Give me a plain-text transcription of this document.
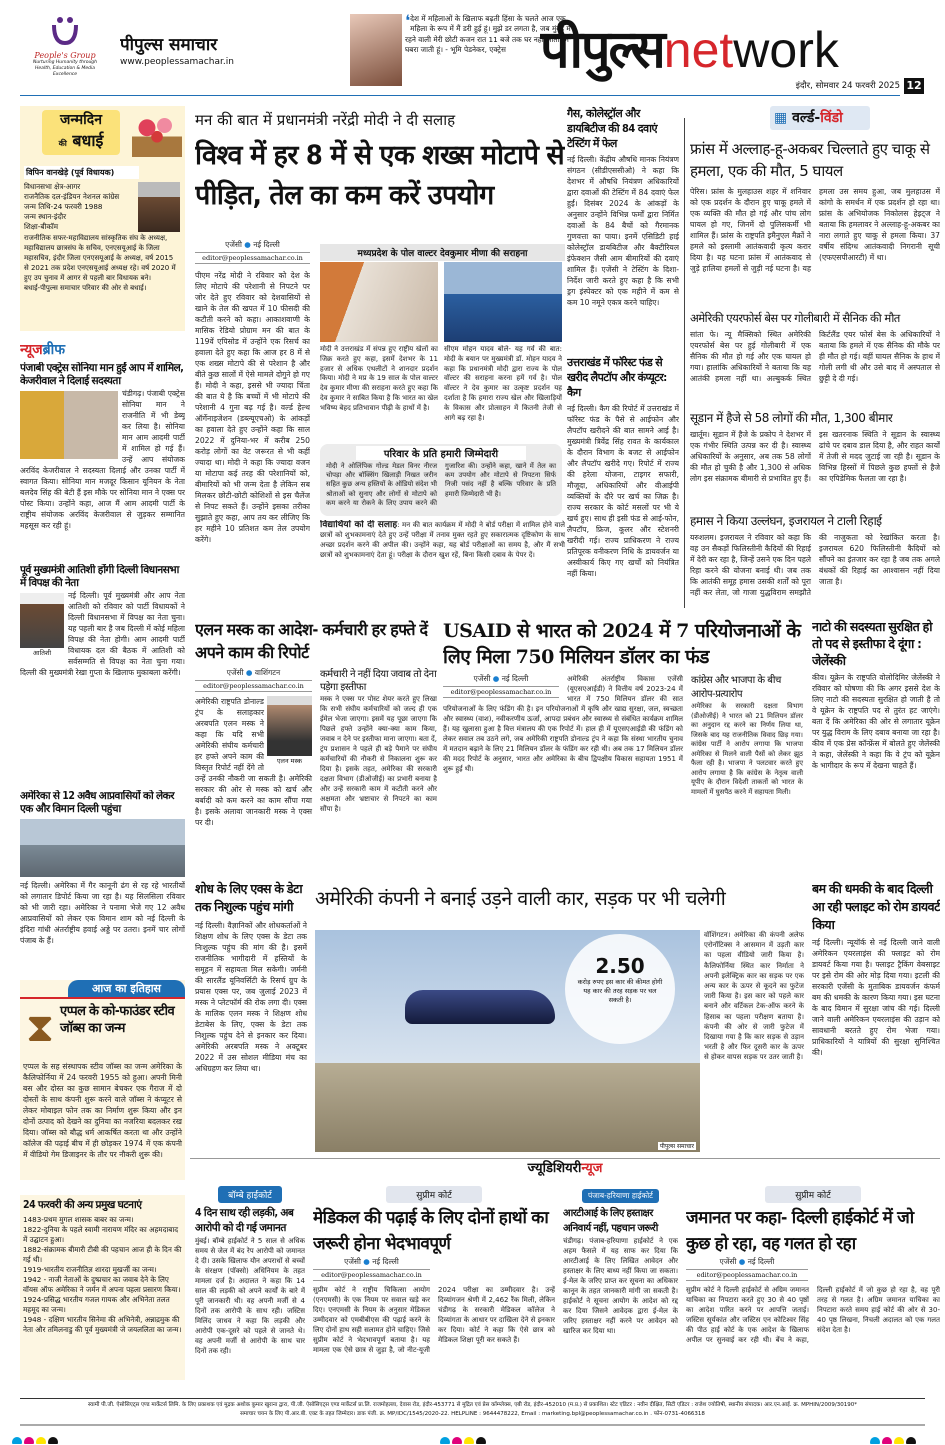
People's Group
Nurturing Humanity through Health, Education & Media Excellence
पीपुल्स समाचार
www.peoplessamachar.in
❛ देश में महिलाओं के खिलाफ बढ़ती हिंसा के चलते आज एक महिला के रूप में मैं डरी हुई हूं। मुझे डर लगता है, जब मुंबई में रहने वाली मेरी छोटी कजन रात 11 बजे तक घर नहीं आती। मैं घबरा जाती हूं। - भूमि पेडनेकर, एक्ट्रेस पीपुल्सnetwork
इंदौर, सोमवार 24 फरवरी 2025 12
जन्मदिन
की बधाई
विपिन वानखेड़े (पूर्व विधायक)
विधानसभा क्षेत्र-आगर
राजनैतिक दल-इंडियन नेशनल कांग्रेस
जन्म तिथि-24 फरवरी 1988
जन्म स्थान-इंदौर
शिक्षा-बीकॉम
राजनीतिक सफर-महाविद्यालय सांस्कृतिक संघ के अध्यक्ष, महाविद्यालय छात्रसंघ के सचिव, एनएसयूआई के जिला महासचिव, इंदौर जिला एनएसयूआई के अध्यक्ष, वर्ष 2015 से 2021 तक प्रदेश एनएसयूआई अध्यक्ष रहे। वर्ष 2020 में हुए उप चुनाव में आगर से पहली बार विधायक बने।
बधाई-पीपुल्स समाचार परिवार की ओर से बधाई।
न्यूजब्रीफ
पंजाबी एक्ट्रेस सोनिया मान हुईं आप में शामिल, केजरीवाल ने दिलाई सदस्यता
चंडीगढ़। पंजाबी एक्ट्रेस सोनिया मान ने राजनीति में भी डेब्यू कर लिया है। सोनिया मान आम आदमी पार्टी में शामिल हो गई हैं। उन्हें आप संयोजक अरविंद केजरीवाल ने सदस्यता दिलाई और उनका पार्टी में स्वागत किया। सोनिया मान मजदूर किसान यूनियन के नेता बलदेव सिंह की बेटी हैं इस मौके पर सोनिया मान ने एक्स पर पोस्ट किया। उन्होंने कहा, आज मैं आम आदमी पार्टी के राष्ट्रीय संयोजक अरविंद केजरीवाल से जुड़कर सम्मानित महसूस कर रही हूं।
पूर्व मुख्यमंत्री आतिशी होंगी दिल्ली विधानसभा में विपक्ष की नेता
आतिशी
नई दिल्ली। पूर्व मुख्यमंत्री और आप नेता आतिशी को रविवार को पार्टी विधायकों ने दिल्ली विधानसभा में विपक्ष का नेता चुना। यह पहली बार है जब दिल्ली में कोई महिला विपक्ष की नेता होगी। आम आदमी पार्टी विधायक दल की बैठक में आतिशी को सर्वसम्मति से विपक्ष का नेता चुना गया। दिल्ली की मुख्यमंत्री रेखा गुप्ता के खिलाफ मुकाबला करेंगी।
अमेरिका से 12 अवैध आप्रवासियों को लेकर एक और विमान दिल्ली पहुंचा
नई दिल्ली। अमेरिका में गैर कानूनी ढंग से रह रहे भारतीयों को लगातार डिपोर्ट किया जा रहा है। यह सिलसिला रविवार को भी जारी रहा। अमेरिका ने पनामा भेजे गए 12 अवैध आप्रवासियों को लेकर एक विमान शाम को नई दिल्ली के इंदिरा गांधी अंतर्राष्ट्रीय हवाई अड्डे पर उतरा। इनमें चार लोगों पंजाब के हैं।
आज का इतिहास
⧗ एप्पल के को-फाउंडर स्टीव जॉब्स का जन्म
एप्पल के सह संस्थापक स्टीव जॉब्स का जन्म अमेरिका के कैलिफोर्निया में 24 फरवरी 1955 को हुआ। अपनी मिनी बस और दोस्त का कुछ सामान बेचकर एक गैराज में दो दोस्तों के साथ कंपनी शुरू करने वाले जॉब्स ने कंप्यूटर से लेकर मोबाइल फोन तक का निर्माण शुरू किया और इन दोनों उत्पाद को देखने का दुनिया का नजरिया बदलकर रख दिया। जॉब्स को बौद्ध धर्म आकर्षित करता था और उन्होंने कॉलेज की पढ़ाई बीच में ही छोड़कर 1974 में एक कंपनी में वीडियो गेम डिजाइनर के तौर पर नौकरी शुरू की।
24 फरवरी की अन्य प्रमुख घटनाएं
1483-प्रथम मुगल शासक बाबर का जन्म।
1822-दुनिया के पहले स्वामी नारायण मंदिर का अहमदाबाद में उद्घाटन हुआ।
1882-संक्रामक बीमारी टीबी की पहचान आज ही के दिन की गई थी।
1919-भारतीय राजनीतिज्ञ शारदा मुखर्जी का जन्म।
1942 - नाजी नेताओं के दुष्प्रचार का जवाब देने के लिए वॉयस ऑफ अमेरिका ने जर्मन में अपना पहला प्रसारण किया।
1924-प्रसिद्ध भारतीय गजल गायक और अभिनेता तलत महमूद का जन्म।
1948 - दक्षिण भारतीय सिनेमा की अभिनेत्री, अन्नाद्रमुक की नेता और तमिलनाडु की पूर्व मुख्यमंत्री जे जयललिता का जन्म।
मन की बात में प्रधानमंत्री नरेंद्री मोदी ने दी सलाह
विश्व में हर 8 में से एक शख्स मोटापे से पीड़ित, तेल का कम करें उपयोग
एजेंसी ● नई दिल्ली
editor@peoplessamachar.co.in
पीएम नरेंद्र मोदी ने रविवार को देश के लिए मोटापे की परेशानी से निपटने पर जोर देते हुए रविवार को देशवासियों से खाने के तेल की खपत में 10 फीसदी की कटौती करने को कहा। आकाशवाणी के मासिक रेडियो प्रोग्राम मन की बात के 119वें एपिसोड में उन्होंने एक रिसर्च का हवाला देते हुए कहा कि आज हर 8 में से एक शख्स मोटापे की से परेशान है और बीते कुछ सालों में ऐसे मामले दोगुने हो गए हैं। मोदी ने कहा, इससे भी ज्यादा चिंता की बात ये है कि बच्चों में भी मोटापे की परेशानी 4 गुना बढ़ गई है। वर्ल्ड हेल्थ ऑर्गेनाइजेशन (डब्ल्यूएचओ) के आंकड़ों का हवाला देते हुए उन्होंने कहा कि साल 2022 में दुनिया-भर में करीब 250 करोड़ लोगों का वेट जरूरत से भी कहीं ज्यादा था। मोदी ने कहा कि ज्यादा वजन या मोटापा कई तरह की परेशानियों को, बीमारियों को भी जन्म देता है लेकिन सब मिलकर छोटी-छोटी कोशिशों से इस चैलेंज से निपट सकते हैं। उन्होंने इसका तरीका सुझाते हुए कहा, आप तय कर लीजिए कि हर महीने 10 प्रतिशत कम तेल उपयोग करेंगे।
मध्यप्रदेश के पोल वाल्टर देवकुमार मीणा की सराहना
मोदी ने उत्तराखंड में संपन्न हुए राष्ट्रीय खेलों का जिक्र करते हुए कहा, इसमें देशभर के 11 हजार से अधिक एथलीटों ने शानदार प्रदर्शन किया। मोदी ने मप्र के 19 साल के पोल वाल्टर देव कुमार मीणा की सराहना करते हुए कहा कि देव कुमार ने साबित किया है कि भारत का खेल भविष्य बेहद प्रतिभावान पीढ़ी के हाथों में है।
सीएम मोहन यादव बोले- यह गर्व की बात: मोदी के बयान पर मुख्यमंत्री डॉ. मोहन यादव ने कहा कि प्रधानमंत्री मोदी द्वारा राज्य के पोल वॉल्टर की सराहना करना हमें गर्व है। पोल वॉल्टर ने देव कुमार का उत्कृष्ट प्रदर्शन यह दर्शाता है कि हमारा राज्य खेल और खिलाड़ियों के विकास और प्रोत्साहन में कितनी तेजी से आगे बढ़ रहा है।
परिवार के प्रति हमारी जिम्मेदारी
मोदी ने ओलिंपिक गोल्ड मेडल विनर नीरज चोपड़ा और बॉक्सिंग खिलाड़ी निखत जरीन सहित कुछ अन्य हस्तियों के ऑडियो संदेश भी श्रोताओं को सुनाए और लोगों से मोटापे को कम करने या रोकने के लिए उपाय करने की गुजारिश की। उन्होंने कहा, खाने में तेल का कम उपयोग और मोटापे से निपटना सिर्फ निजी पसंद नहीं है बल्कि परिवार के प्रति हमारी जिम्मेदारी भी है।
विद्यार्थियों को दी सलाह: मन की बात कार्यक्रम में मोदी ने बोर्ड परीक्षा में शामिल होने वाले छात्रों को शुभकामनाएं देते हुए उन्हें परीक्षा में तनाव मुक्त रहते हुए सकारात्मक दृष्टिकोण के साथ अच्छा प्रदर्शन करने की अपील की। उन्होंने कहा, यह बोर्ड परीक्षाओं का समय है, और मैं सभी छात्रों को शुभकामनाएं देता हूं। परीक्षा के दौरान खुश रहें, बिना किसी दबाव के पेपर दें।
गैस, कोलेस्ट्रॉल और डायबिटीज की 84 दवाएं टेस्टिंग में फेल
नई दिल्ली। केंद्रीय औषधि मानक नियंत्रण संगठन (सीडीएससीओ) ने कहा कि देशभर में औषधि नियंत्रण अधिकारियों द्वारा दवाओं की टेस्टिंग में 84 दवाएं फेल हुईं। दिसंबर 2024 के आंकड़ों के अनुसार उन्होंने विभिन्न फर्मों द्वारा निर्मित दवाओं के 84 बैचों को गैरमानक गुणवत्ता का पाया। इनमें एसिडिटी हाई कोलेस्ट्रॉल डायबिटीज और बैक्टीरियल इंफेक्शन जैसी आम बीमारियों की दवाएं शामिल हैं। एजेंसी ने टेस्टिंग के दिशा-निर्देश जारी करते हुए कहा है कि सभी ड्रग इंस्पेक्टर को एक महीने में कम से कम 10 नमूने एकत्र करने चाहिए।
उत्तराखंड में फॉरेस्ट फंड से खरीद लैपटॉप और कंप्यूटर: कैग
नई दिल्ली। कैग की रिपोर्ट में उत्तराखंड में फॉरेस्ट फंड के पैसे से आईफोन और लैपटॉप खरीदने की बात सामने आई है। मुख्यमंत्री त्रिवेंद्र सिंह रावत के कार्यकाल के दौरान विभाग के बजट से आईफोन और लैपटॉप खरीदे गए। रिपोर्ट में राज्य की हरेला योजना, टाइगर सफारी, मौजूदा, अधिकारियों और वीआईपी व्यक्तियों के दौरे पर खर्च का जिक्र है। राज्य सरकार के कोर्ट मसलों पर भी ये खर्च हुए। साथ ही इसी फंड से आई-फोन, लैपटॉप, फ्रिज, कूलर और स्टेशनरी खरीदी गई। राज्य प्राधिकरण ने राज्य प्रतिपूरक वनीकरण निधि के डायवर्जन या अस्वीकार्य किए गए खर्चों को नियंत्रित नहीं किया।
▦ वर्ल्ड-विंडो
फ्रांस में अल्लाह-हू-अकबर चिल्लाते हुए चाकू से हमला, एक की मौत, 5 घायल
पेरिस। फ्रांस के मुलहाउस शहर में शनिवार को एक प्रदर्शन के दौरान हुए चाकू हमले में एक व्यक्ति की मौत हो गई और पांच लोग घायल हो गए, जिनमें दो पुलिसकर्मी भी शामिल हैं। फ्रांस के राष्ट्रपति इमैनुएल मैक्रों ने हमले को इस्लामी आतंकवादी कृत्य करार दिया है। यह घटना फ्रांस में आतंकवाद से जुड़े हालिया हमलों से जुड़ी नई घटना है। यह हमला उस समय हुआ, जब मुलहाउस में कांगो के समर्थन में एक प्रदर्शन हो रहा था। फ्रांस के अभियोजक निकोलस हेइट्ज ने बताया कि हमलावर ने अल्लाह-हू-अकबर का नारा लगाते हुए चाकू से हमला किया। 37 वर्षीय संदिग्ध आतंकवादी निगरानी सूची (एफएसपीआरटी) में था।
अमेरिकी एयरफोर्स बेस पर गोलीबारी में सैनिक की मौत
सांता फे। न्यू मैक्सिको स्थित अमेरिकी एयरफोर्स बेस पर हुई गोलीबारी में एक सैनिक की मौत हो गई और एक घायल हो गया। हालांकि अधिकारियों ने बताया कि यह आतंकी हमला नहीं था। अल्बुकर्क स्थित किर्टलैंड एयर फोर्स बेस के अधिकारियों ने बताया कि हमले में एक सैनिक की मौके पर ही मौत हो गई। वहीं घायल सैनिक के हाथ में गोली लगी थी और उसे बाद में अस्पताल से छुट्टी दे दी गई।
सूडान में हैजे से 58 लोगों की मौत, 1,300 बीमार
खार्तूम। सूडान में हैजे के प्रकोप ने देशभर में एक गंभीर स्थिति उत्पन्न कर दी है। स्वास्थ्य अधिकारियों के अनुसार, अब तक 58 लोगों की मौत हो चुकी है और 1,300 से अधिक लोग इस संक्रामक बीमारी से प्रभावित हुए हैं। इस खतरनाक स्थिति ने सूडान के स्वास्थ्य ढांचे पर दबाव डाल दिया है, और राहत कार्यों में तेजी से मदद जुटाई जा रही है। सूडान के विभिन्न हिस्सों में पिछले कुछ हफ्तों से हैजे का एपिडेमिक फैलता जा रहा है।
हमास ने किया उल्लंघन, इजरायल ने टाली रिहाई
यरुशलम। इजरायल ने रविवार को कहा कि वह उन सैकड़ों फिलिस्तीनी कैदियों की रिहाई में देरी कर रहा है, जिन्हें उसने एक दिन पहले रिहा करने की योजना बनाई थी। जब तक कि आतंकी समूह हमास उसकी शर्तों को पूरा नहीं कर लेता, जो गाजा युद्धविराम समझौते की नाजुकता को रेखांकित करता है। इजरायल 620 फिलिस्तीनी कैदियों को सौंपने का इंतजार कर रहा है जब तक अगले बंधकों की रिहाई का आश्वासन नहीं दिया जाता है।
एलन मस्क का आदेश- कर्मचारी हर हफ्ते दें अपने काम की रिपोर्ट
एजेंसी ● वाशिंगटन
editor@peoplessamachar.co.in
एलन मस्क
अमेरिकी राष्ट्रपति डोनाल्ड ट्रंप के सलाहकार अरबपति एलन मस्क ने कहा कि यदि सभी अमेरिकी संघीय कर्मचारी हर हफ्ते अपने काम की विस्तृत रिपोर्ट नहीं देंगे तो उन्हें उनकी नौकरी जा सकती है। अमेरिकी सरकार की ओर से मस्क को खर्च और बर्बादी को कम करने का काम सौंपा गया है। इसके अलावा जानकारी मस्क ने एक्स पर दी।
कर्मचारी ने नहीं दिया जवाब तो देना पड़ेगा इस्तीफा
मस्क ने एक्स पर पोस्ट शेयर करते हुए लिखा कि सभी संघीय कर्मचारियों को जल्द ही एक ईमेल भेजा जाएगा। इसमें यह पूछा जाएगा कि पिछले हफ्ते उन्होंने क्या-क्या काम किया, जवाब न देने पर इस्तीफा माना जाएगा। बता दें, ट्रंप प्रशासन ने पहले ही बड़े पैमाने पर संघीय कर्मचारियों की नौकरी से निकालना शुरू कर दिया है। इसके तहत, अमेरिका की सरकारी दक्षता विभाग (डीओजीई) का प्रभारी बनाया है और उन्हें सरकारी काम में कटौती करने और अक्षमता और भ्रष्टाचार से निपटने का काम सौंपा है।
USAID से भारत को 2024 में 7 परियोजनाओं के लिए मिला 750 मिलियन डॉलर का फंड
एजेंसी ● नई दिल्ली
editor@peoplessamachar.co.in
अमेरिकी अंतर्राष्ट्रीय विकास एजेंसी (यूएसएआईडी) ने वित्तीय वर्ष 2023-24 में भारत में 750 मिलियन डॉलर की सात परियोजनाओं के लिए फंडिंग की है। इन परियोजनाओं में कृषि और खाद्य सुरक्षा, जल, स्वच्छता और स्वास्थ्य (वाश), नवीकरणीय ऊर्जा, आपदा प्रबंधन और स्वास्थ्य से संबंधित कार्यक्रम शामिल हैं। यह खुलासा हुआ है वित्त मंत्रालय की एक रिपोर्ट में। हाल ही में यूएसएआईडी की फंडिंग को लेकर सवाल तब उठने लगे, जब अमेरिकी राष्ट्रपति डोनाल्ड ट्रंप ने कहा कि संस्था भारतीय चुनाव में मतदान बढ़ाने के लिए 21 मिलियन डॉलर के फंडिंग कर रही थी। अब तक 17 मिलियन डॉलर की मदद रिपोर्ट के अनुसार, भारत और अमेरिका के बीच द्विपक्षीय विकास सहायता 1951 में शुरू हुई थी।
कांग्रेस और भाजपा के बीच आरोप-प्रत्यारोप
अमेरिका के सरकारी दक्षता विभाग (डीओजीई) ने भारत को 21 मिलियन डॉलर का अनुदान रद्द करने का निर्णय लिया था, जिसके बाद यह राजनीतिक विवाद छिड़ गया। कांग्रेस पार्टी ने आरोप लगाया कि भाजपा अमेरिका से मिलने वाली पैसों को लेकर झूठ फैला रही है। भाजपा ने पलटवार करते हुए आरोप लगाया है कि कांग्रेस के नेतृत्व वाली यूपीए के दौरान विदेशी ताकतों को भारत के मामलों में घुसपैठ करने में सहायता मिली।
नाटो की सदस्यता सुरक्षित हो तो पद से इस्तीफा दे दूंगा : जेलेंस्की
कीव। यूक्रेन के राष्ट्रपति वोलोदिमिर जेलेंस्की ने रविवार को घोषणा की कि अगर इससे देश के लिए नाटो की सदस्यता सुरक्षित हो जाती है तो वे यूक्रेन के राष्ट्रपति पद से तुरंत हट जाएंगे। बता दें कि अमेरिका की ओर से लगातार यूक्रेन पर युद्ध विराम के लिए दबाव बनाया जा रहा है। कीव में एक प्रेस कॉन्फ्रेंस में बोलते हुए जेलेंस्की ने कहा, जेलेंस्की ने कहा कि वे ट्रंप को यूक्रेन के भागीदार के रूप में देखना चाहते हैं।
शोध के लिए एक्स के डेटा तक निशुल्क पहुंच मांगी
नई दिल्ली। वैज्ञानिकों और शोधकर्ताओं ने शिक्षण शोध के लिए एक्स के डेटा तक निःशुल्क पहुंच की मांग की है। इसमें राजनीतिक भागीदारी में हस्तियों के समूहन में सहायता मिल सकेगी। जर्मनी की सारलैंड यूनिवर्सिटी के रिसर्च ग्रुप के प्रयास एक्स पर, जब जुलाई 2023 में मस्क ने प्लेटफॉर्म की रोक लगा दी। एक्स के मालिक एलन मस्क ने शिक्षण शोध डेटाबेस के लिए, एक्स के डेटा तक निशुल्क पहुंच देने से इनकार कर दिया। अमेरिकी अरबपति मस्क ने अक्टूबर 2022 में उस सोशल मीडिया मंच का अधिग्रहण कर लिया था।
अमेरिकी कंपनी ने बनाई उड़ने वाली कार, सड़क पर भी चलेगी
2.50
करोड़ रुपए इस कार की कीमत होगी यह कार की तरह सड़क पर चल सकती है।
पीपुल्स समाचार
वॉशिंगटन। अमेरिका की कंपनी अलेफ एरोनॉटिक्स ने आसमान में उड़ती कार का पहला वीडियो जारी किया है। कैलिफोर्निया स्थित कार निर्माता ने अपनी इलेक्ट्रिक कार का सड़क पर एक अन्य कार के ऊपर से कूदने का फुटेज जारी किया है। इस कार को पहले कार बनाने और वर्टिकल टेक-ऑफ करने के हिसाब का पहला परीक्षण बताया है। कंपनी की ओर से जारी फुटेज में दिखाया गया है कि कार सड़क से उड़ान भरती है और फिर दूसरी कार के ऊपर से होकर वापस सड़क पर उतर जाती है।
बम की धमकी के बाद दिल्ली आ रही फ्लाइट को रोम डायवर्ट किया
नई दिल्ली। न्यूयॉर्क से नई दिल्ली जाने वाली अमेरिकन एयरलाइंस की फ्लाइट को रोम डायवर्ट किया गया है। फ्लाइट ट्रैकिंग वेबसाइट पर इसे रोम की ओर मोड़ दिया गया। इटली की सरकारी एजेंसी के मुताबिक डायवर्जन कंफर्म बम की धमकी के कारण किया गया। इस घटना के बाद विमान में सुरक्षा जांच की गई। दिल्ली जाने वाली अमेरिकन एयरलाइंस की उड़ान को सावधानी बरतते हुए रोम भेजा गया। प्राधिकारियों ने यात्रियों की सुरक्षा सुनिश्चित की।
ज्यूडिशियरीन्यूज
बॉम्बे हाईकोर्ट
4 दिन साथ रही लड़की, अब आरोपी को दी गई जमानत
मुंबई। बॉम्बे हाईकोर्ट ने 5 साल से अधिक समय से जेल में बंद रेप आरोपी को जमानत दे दी। उसके खिलाफ यौन अपराधों से बच्चों के संरक्षण (पॉक्सो) अधिनियम के तहत मामला दर्ज है। अदालत ने कहा कि 14 साल की लड़की को अपने कार्यों के बारे में पूरी जानकारी थी। वह अपनी मर्जी से 4 दिनों तक आरोपी के साथ रही। जस्टिस मिलिंद जाधव ने कहा कि लड़की और आरोपी एक-दूसरे को पहले से जानते थे। वह अपनी मर्जी से आरोपी के साथ चार दिनों तक रही।
सुप्रीम कोर्ट
मेडिकल की पढ़ाई के लिए दोनों हाथों का जरूरी होना भेदभावपूर्ण
एजेंसी ● नई दिल्ली
editor@peoplessamachar.co.in
सुप्रीम कोर्ट ने राष्ट्रीय चिकित्सा आयोग (एनएमसी) के एक नियम पर सवाल खड़े कर दिए। एनएमसी के नियम के अनुसार मेडिकल उम्मीदवार को एमबीबीएस की पढ़ाई करने के लिए दोनों हाथ सही सलामत होने चाहिए। जिसे सुप्रीम कोर्ट ने भेदभावपूर्ण बताया है। यह मामला एक ऐसे छात्र से जुड़ा है, जो नीट-यूजी 2024 परीक्षा का उम्मीदवार है। उन्हें दिव्यांगजन श्रेणी में 2,462 रैंक मिली, लेकिन चंडीगढ़ के सरकारी मेडिकल कॉलेज ने दिव्यांगता के आधार पर दाखिला देने से इनकार कर दिया। कोर्ट ने कहा कि ऐसे छात्र को मेडिकल शिक्षा पूरी कर सकते हैं।
पंजाब-हरियाणा हाईकोर्ट
आरटीआई के लिए हस्ताक्षर अनिवार्य नहीं, पहचान जरूरी
चंडीगढ़। पंजाब-हरियाणा हाईकोर्ट ने एक अहम फैसले में यह साफ कर दिया कि आरटीआई के लिए लिखित आवेदन और हस्ताक्षर के लिए बाध्य नहीं किया जा सकता। ई-मेल के जरिए प्राप्त कर सूचना का अधिकार कानून के तहत जानकारी मांगी जा सकती है। हाईकोर्ट ने सूचना आयोग के आदेश को रद्द कर दिया जिसने आवेदक द्वारा ई-मेल के जरिए हस्ताक्षर नहीं करने पर आवेदन को खारिज कर दिया था।
सुप्रीम कोर्ट
जमानत पर कहा- दिल्ली हाईकोर्ट में जो कुछ हो रहा, वह गलत हो रहा
एजेंसी ● नई दिल्ली
editor@peoplessamachar.co.in
सुप्रीम कोर्ट ने दिल्ली हाईकोर्ट से अग्रिम जमानत याचिका का निपटारा करते हुए 30 से 40 पृष्ठों का आदेश पारित करने पर आपत्ति जताई। जस्टिस सूर्यकांत और जस्टिस एन कोटिश्वर सिंह की पीठ हाई कोर्ट के एक आदेश के खिलाफ अपील पर सुनवाई कर रही थी। बेंच ने कहा, दिल्ली हाईकोर्ट में जो कुछ हो रहा है, वह पूरी तरह से गलत है। अग्रिम जमानत याचिका का निपटारा करते समय हाई कोर्ट की ओर से 30-40 पृष्ठ लिखना, निचली अदालत को एक गलत संदेश देता है।
स्वामी पी.जी. ऐसोसिएट्स एण्ड मार्केटर्स लिमि. के लिए प्रकाशक एवं मुद्रक अशोक कुमार खुराना द्वारा, पी.जी. ऐसोसिएट्स एण्ड मार्केटर्स प्रा.लि. राजमोहल्ला, देवास रोड, इंदौर-453771 से मुद्रित एवं प्रेस कॉम्प्लेक्स, एबी रोड, इंदौर-452010 (म.प्र.) से प्रकाशित। स्टेट एडिटर : नवीन दीक्षित, सिटी एडिटर : राजेश ज्योतिषी, स्थानीय संपादक। आर.एन.आई. क्र. MPHIN/2009/30190*
समाचार चयन के लिए पी.आर.बी. एक्ट के तहत जिम्मेदार। डाक पंजी. क्र. MP/IDC/1545/2020-22. HELPLINE : 9644478222, Email : marketing.bpl@peoplessamachar.co.in . फोन-0731-4066318
